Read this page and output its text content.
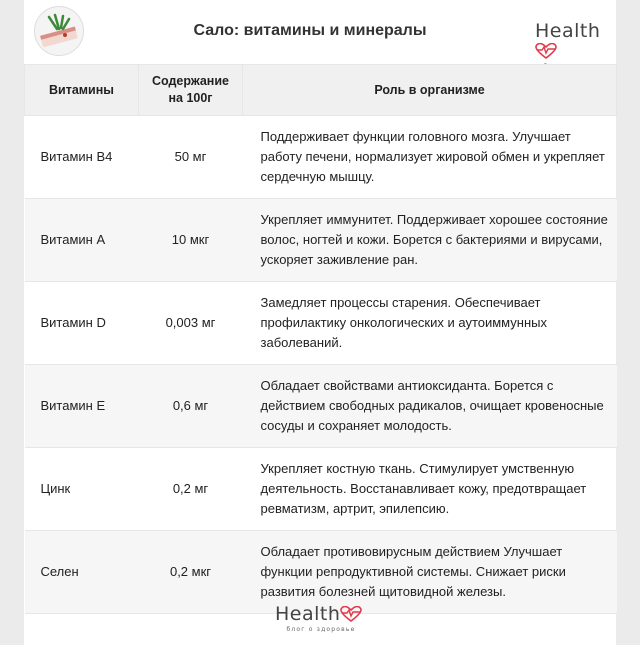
Сало: витамины и минералы	Health
Витамины	Содержание на 100г	Роль в организме
Витамин В4	50 мг	Поддерживает функции головного мозга. Улучшает работу печени, нормализует жировой обмен и укрепляет сердечную мышцу.
Витамин А	10 мкг	Укрепляет иммунитет. Поддерживает хорошее состояние волос, ногтей и кожи. Борется с бактериями и вирусами, ускоряет заживление ран.
Витамин D	0,003 мг	Замедляет процессы старения. Обеспечивает профилактику онкологических и аутоиммунных заболеваний.
Витамин Е	0,6 мг	Обладает свойствами антиоксиданта. Борется с действием свободных радикалов, очищает кровеносные сосуды и сохраняет молодость.
Цинк	0,2 мг	Укрепляет костную ткань. Стимулирует умственную деятельность. Восстанавливает кожу, предотвращает ревматизм, артрит, эпилепсию.
Селен	0,2 мкг	Обладает противовирусным действием Улучшает функции репродуктивной системы. Снижает риски развития болезней щитовидной железы.
Health
блог о здоровье
